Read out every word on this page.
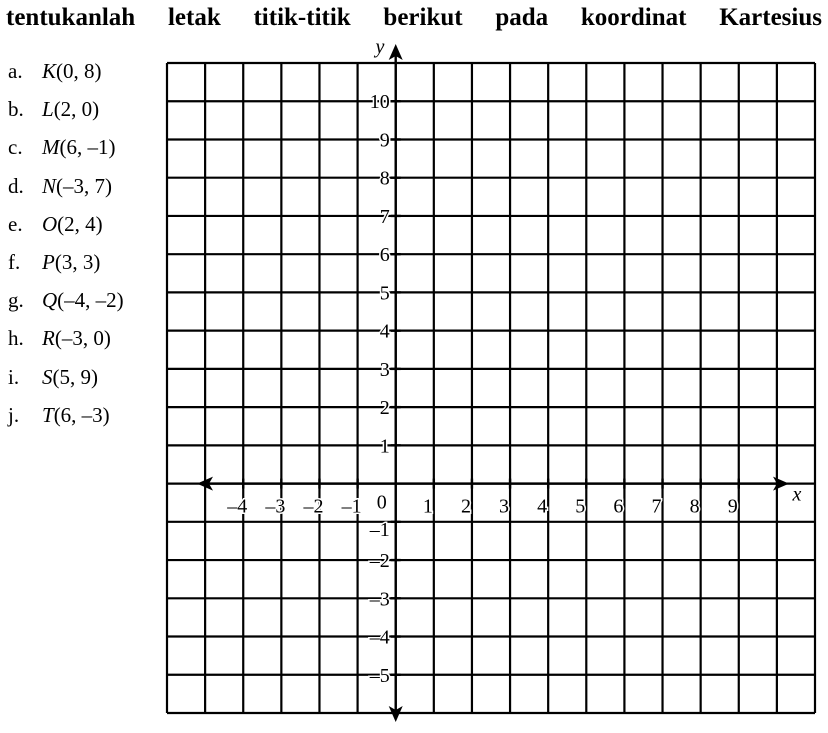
tentukanlah letak titik-titik berikut pada koordinat Kartesius
a. K(0, 8)
b. L(2, 0)
c. M(6, –1)
d. N(–3, 7)
e. O(2, 4)
f. P(3, 3)
g. Q(–4, –2)
h. R(–3, 0)
i. S(5, 9)
j. T(6, –3)
–4 –3 –2 –1 0 1 2 3 4 5 6 7 8 9
10
9
8
7
6
5
4
3
2
1
–1
–2
–3
–4
–5
x
y
